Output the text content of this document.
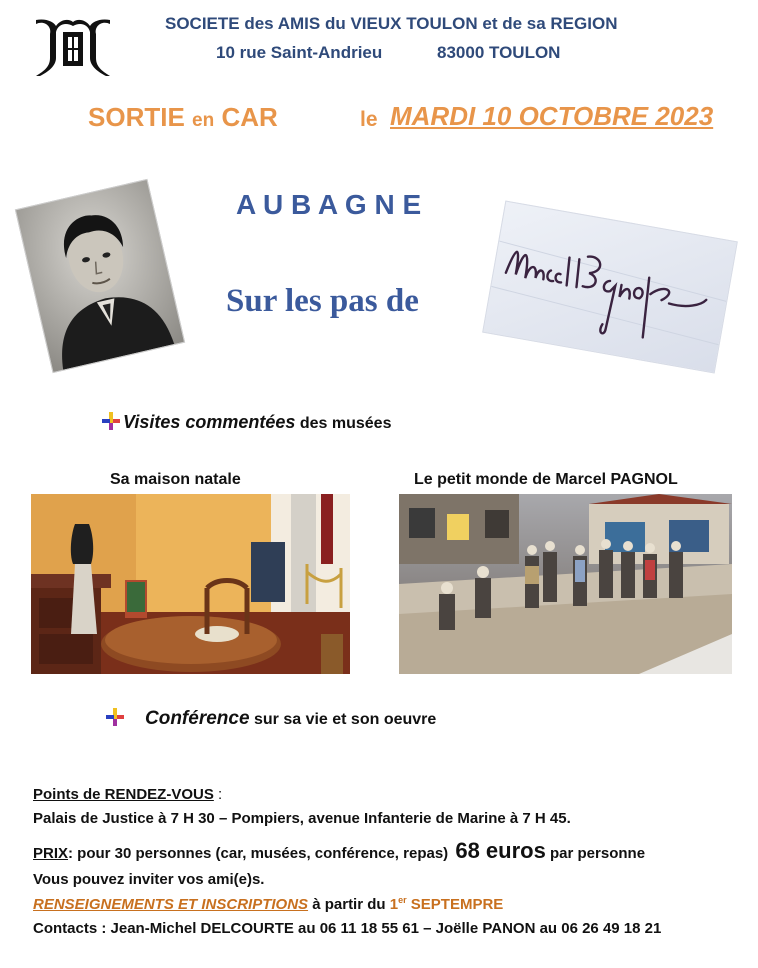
SOCIETE des AMIS du VIEUX TOULON et de sa REGION
10 rue Saint-Andrieu	83000 TOULON
SORTIE en CAR	le MARDI 10 OCTOBRE 2023
A U B A G N E
Sur les pas de
Visites commentées des musées
Sa maison natale	Le petit monde de Marcel PAGNOL
Conférence sur sa vie et son oeuvre
Points de RENDEZ-VOUS :
Palais de Justice à 7 H 30 – Pompiers, avenue Infanterie de Marine à 7 H 45.
PRIX : pour 30 personnes (car, musées, conférence, repas) 68 euros par personne
Vous pouvez inviter vos ami(e)s.
RENSEIGNEMENTS ET INSCRIPTIONS à partir du 1er SEPTEMPRE
Contacts : Jean-Michel DELCOURTE au 06 11 18 55 61 – Joëlle PANON au 06 26 49 18 21
